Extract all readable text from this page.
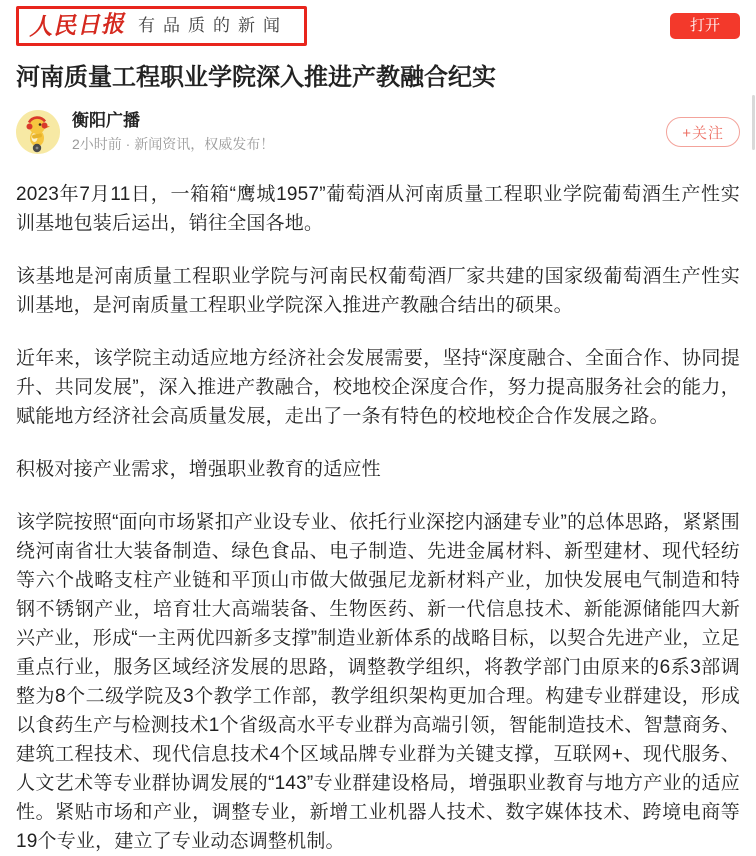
人民日报 有品质的新闻	打开
河南质量工程职业学院深入推进产教融合纪实
衡阳广播
2小时前 · 新闻资讯，权威发布！
+关注

2023年7月11日，一箱箱“鹰城1957”葡萄酒从河南质量工程职业学院葡萄酒生产性实训基地包装后运出，销往全国各地。

该基地是河南质量工程职业学院与河南民权葡萄酒厂家共建的国家级葡萄酒生产性实训基地，是河南质量工程职业学院深入推进产教融合结出的硕果。

近年来，该学院主动适应地方经济社会发展需要，坚持“深度融合、全面合作、协同提升、共同发展”，深入推进产教融合，校地校企深度合作，努力提高服务社会的能力，赋能地方经济社会高质量发展，走出了一条有特色的校地校企合作发展之路。

积极对接产业需求，增强职业教育的适应性

该学院按照“面向市场紧扣产业设专业、依托行业深挖内涵建专业”的总体思路，紧紧围绕河南省壮大装备制造、绿色食品、电子制造、先进金属材料、新型建材、现代轻纺等六个战略支柱产业链和平顶山市做大做强尼龙新材料产业，加快发展电气制造和特钢不锈钢产业，培育壮大高端装备、生物医药、新一代信息技术、新能源储能四大新兴产业，形成“一主两优四新多支撑”制造业新体系的战略目标，以契合先进产业，立足重点行业，服务区域经济发展的思路，调整教学组织，将教学部门由原来的6系3部调整为8个二级学院及3个教学工作部，教学组织架构更加合理。构建专业群建设，形成以食药生产与检测技术1个省级高水平专业群为高端引领，智能制造技术、智慧商务、建筑工程技术、现代信息技术4个区域品牌专业群为关键支撑，互联网+、现代服务、人文艺术等专业群协调发展的“143”专业群建设格局，增强职业教育与地方产业的适应性。紧贴市场和产业，调整专业，新增工业机器人技术、数字媒体技术、跨境电商等19个专业，建立了专业动态调整机制。
